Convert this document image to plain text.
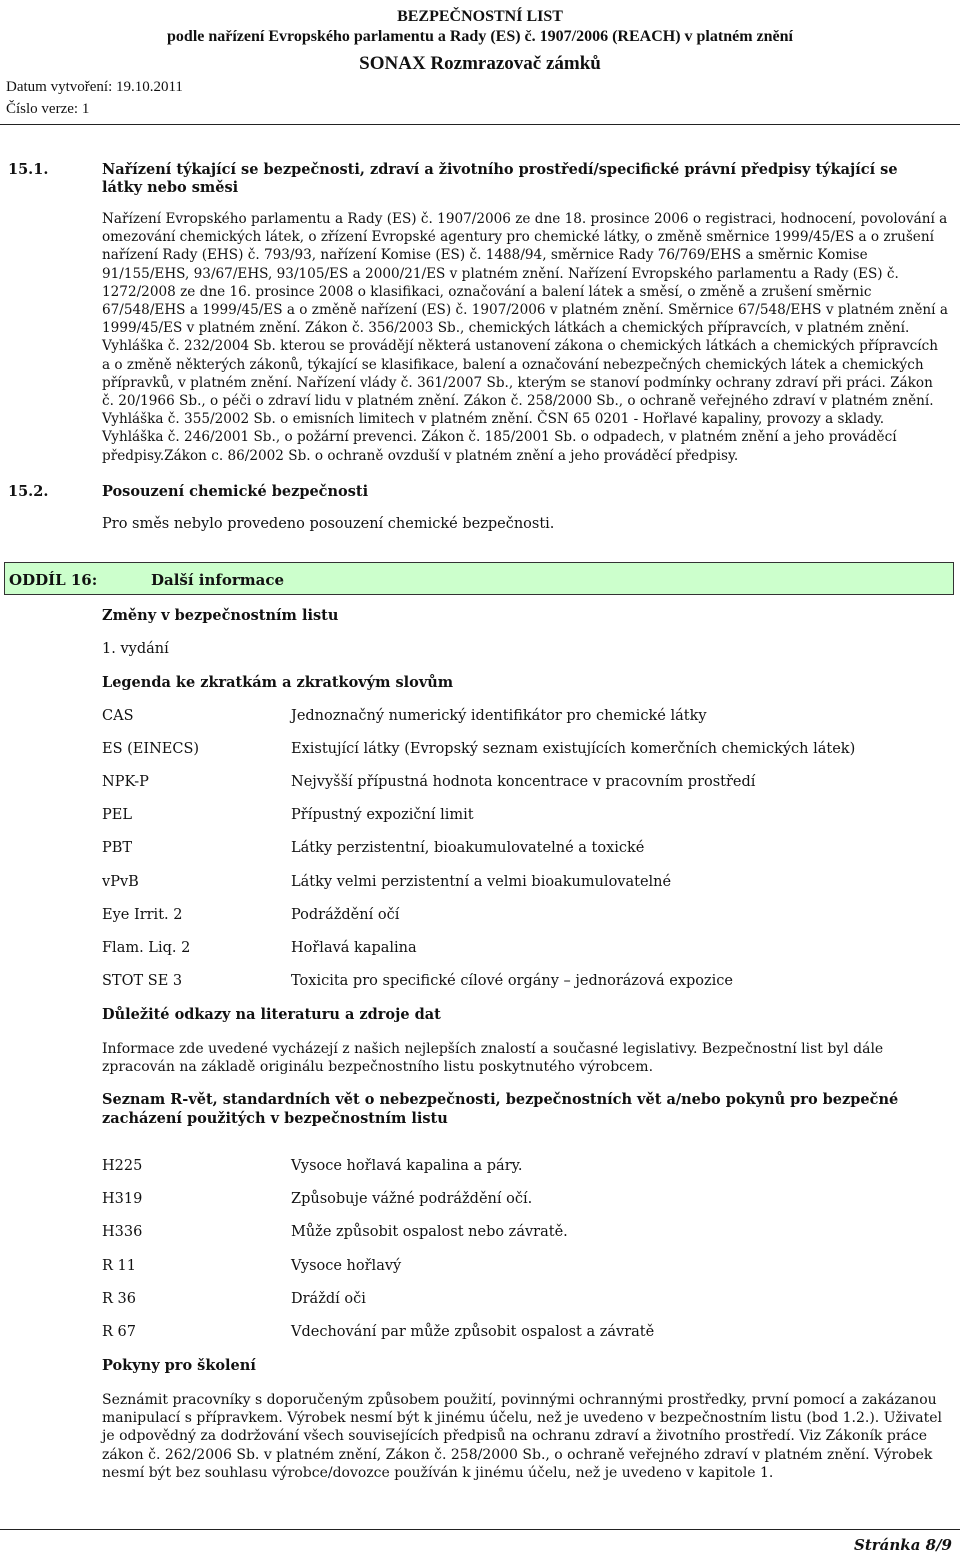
BEZPEČNOSTNÍ LIST
podle nařízení Evropského parlamentu a Rady (ES) č. 1907/2006 (REACH) v platném znění
SONAX Rozmrazovač zámků
Datum vytvoření: 19.10.2011
Číslo verze: 1
15.1.	Nařízení týkající se bezpečnosti, zdraví a životního prostředí/specifické právní předpisy týkající se látky nebo směsi
Nařízení Evropského parlamentu a Rady (ES) č. 1907/2006 ze dne 18. prosince 2006 o registraci, hodnocení, povolování a omezování chemických látek, o zřízení Evropské agentury pro chemické látky, o změně směrnice 1999/45/ES a o zrušení nařízení Rady (EHS) č. 793/93, nařízení Komise (ES) č. 1488/94, směrnice Rady 76/769/EHS a směrnic Komise 91/155/EHS, 93/67/EHS, 93/105/ES a 2000/21/ES v platném znění. Nařízení Evropského parlamentu a Rady (ES) č. 1272/2008 ze dne 16. prosince 2008 o klasifikaci, označování a balení látek a směsí, o změně a zrušení směrnic 67/548/EHS a 1999/45/ES a o změně nařízení (ES) č. 1907/2006 v platném znění. Směrnice 67/548/EHS v platném znění a 1999/45/ES v platném znění. Zákon č. 356/2003 Sb., chemických látkách a chemických přípravcích, v platném znění. Vyhláška č. 232/2004 Sb. kterou se provádějí některá ustanovení zákona o chemických látkách a chemických přípravcích a o změně některých zákonů, týkající se klasifikace, balení a označování nebezpečných chemických látek a chemických přípravků, v platném znění. Nařízení vlády č. 361/2007 Sb., kterým se stanoví podmínky ochrany zdraví při práci. Zákon č. 20/1966 Sb., o péči o zdraví lidu v platném znění. Zákon č. 258/2000 Sb., o ochraně veřejného zdraví v platném znění. Vyhláška č. 355/2002 Sb. o emisních limitech v platném znění. ČSN 65 0201 - Hořlavé kapaliny, provozy a sklady. Vyhláška č. 246/2001 Sb., o požární prevenci. Zákon č. 185/2001 Sb. o odpadech, v platném znění a jeho prováděcí předpisy.Zákon c. 86/2002 Sb. o ochraně ovzduší v platném znění a jeho prováděcí předpisy.
15.2.	Posouzení chemické bezpečnosti
Pro směs nebylo provedeno posouzení chemické bezpečnosti.
ODDÍL 16:	Další informace
Změny v bezpečnostním listu
1. vydání
Legenda ke zkratkám a zkratkovým slovům
CAS	Jednoznačný numerický identifikátor pro chemické látky
ES (EINECS)	Existující látky (Evropský seznam existujících komerčních chemických látek)
NPK-P	Nejvyšší přípustná hodnota koncentrace v pracovním prostředí
PEL	Přípustný expoziční limit
PBT	Látky perzistentní, bioakumulovatelné a toxické
vPvB	Látky velmi perzistentní a velmi bioakumulovatelné
Eye Irrit. 2	Podráždění očí
Flam. Liq. 2	Hořlavá kapalina
STOT SE 3	Toxicita pro specifické cílové orgány – jednorázová expozice
Důležité odkazy na literaturu a zdroje dat
Informace zde uvedené vycházejí z našich nejlepších znalostí a současné legislativy. Bezpečnostní list byl dále zpracován na základě originálu bezpečnostního listu poskytnutého výrobcem.
Seznam R-vět, standardních vět o nebezpečnosti, bezpečnostních vět a/nebo pokynů pro bezpečné zacházení použitých v bezpečnostním listu
H225	Vysoce hořlavá kapalina a páry.
H319	Způsobuje vážné podráždění očí.
H336	Může způsobit ospalost nebo závratě.
R 11	Vysoce hořlavý
R 36	Dráždí oči
R 67	Vdechování par může způsobit ospalost a závratě
Pokyny pro školení
Seznámit pracovníky s doporučeným způsobem použití, povinnými ochrannými prostředky, první pomocí a zakázanou manipulací s přípravkem. Výrobek nesmí být k jinému účelu, než je uvedeno v bezpečnostním listu (bod 1.2.). Uživatel je odpovědný za dodržování všech souvisejících předpisů na ochranu zdraví a životního prostředí. Viz Zákoník práce zákon č. 262/2006 Sb. v platném znění, Zákon č. 258/2000 Sb., o ochraně veřejného zdraví v platném znění. Výrobek nesmí být bez souhlasu výrobce/dovozce používán k jinému účelu, než je uvedeno v kapitole 1.
Stránka 8/9
